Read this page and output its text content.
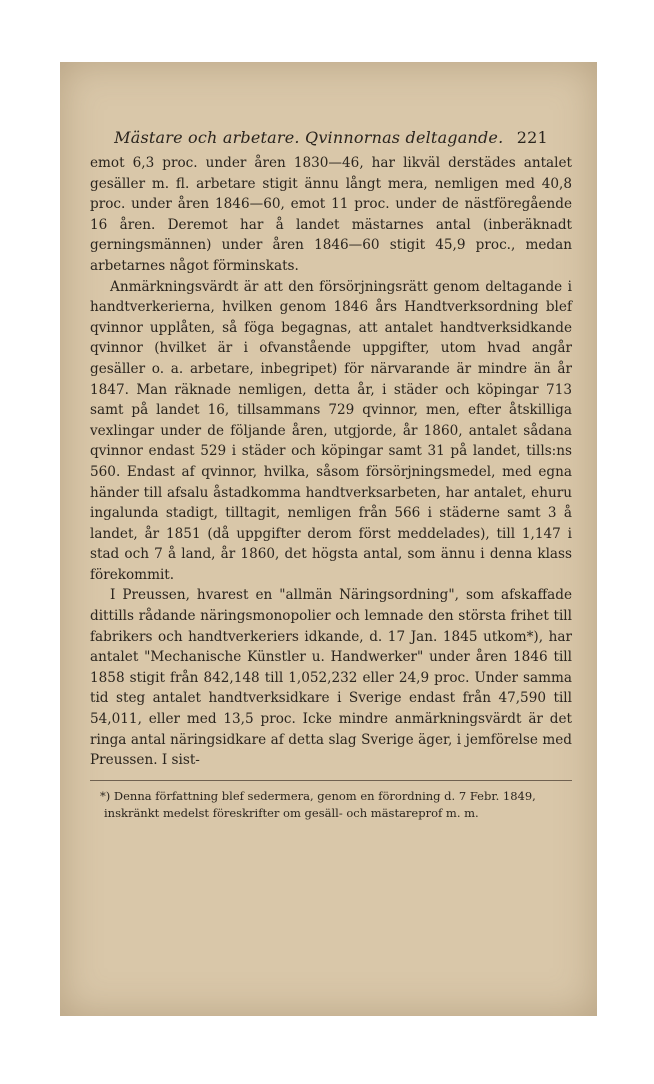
Mästare och arbetare. Qvinnornas deltagande. 221

emot 6,3 proc. under åren 1830—46, har likväl derstädes antalet gesäller m. fl. arbetare stigit ännu långt mera, nemligen med 40,8 proc. under åren 1846—60, emot 11 proc. under de nästföregående 16 åren. Deremot har å landet mästarnes antal (inberäknadt gerningsmännen) under åren 1846—60 stigit 45,9 proc., medan arbetarnes något förminskats.

Anmärkningsvärdt är att den försörjningsrätt genom deltagande i handtverkerierna, hvilken genom 1846 års Handtverksordning blef qvinnor upplåten, så föga begagnas, att antalet handtverksidkande qvinnor (hvilket är i ofvanstående uppgifter, utom hvad angår gesäller o. a. arbetare, inbegripet) för närvarande är mindre än år 1847. Man räknade nemligen, detta år, i städer och köpingar 713 samt på landet 16, tillsammans 729 qvinnor, men, efter åtskilliga vexlingar under de följande åren, utgjorde, år 1860, antalet sådana qvinnor endast 529 i städer och köpingar samt 31 på landet, tills:ns 560. Endast af qvinnor, hvilka, såsom försörjningsmedel, med egna händer till afsalu åstadkomma handtverksarbeten, har antalet, ehuru ingalunda stadigt, tilltagit, nemligen från 566 i städerne samt 3 å landet, år 1851 (då uppgifter derom först meddelades), till 1,147 i stad och 7 å land, år 1860, det högsta antal, som ännu i denna klass förekommit.

I Preussen, hvarest en "allmän Näringsordning", som afskaffade dittills rådande näringsmonopolier och lemnade den största frihet till fabrikers och handtverkeriers idkande, d. 17 Jan. 1845 utkom*), har antalet "Mechanische Künstler u. Handwerker" under åren 1846 till 1858 stigit från 842,148 till 1,052,232 eller 24,9 proc. Under samma tid steg antalet handtverksidkare i Sverige endast från 47,590 till 54,011, eller med 13,5 proc. Icke mindre anmärkningsvärdt är det ringa antal näringsidkare af detta slag Sverige äger, i jemförelse med Preussen. I sist-

*) Denna författning blef sedermera, genom en förordning d. 7 Febr. 1849, inskränkt medelst föreskrifter om gesäll- och mästareprof m. m.
